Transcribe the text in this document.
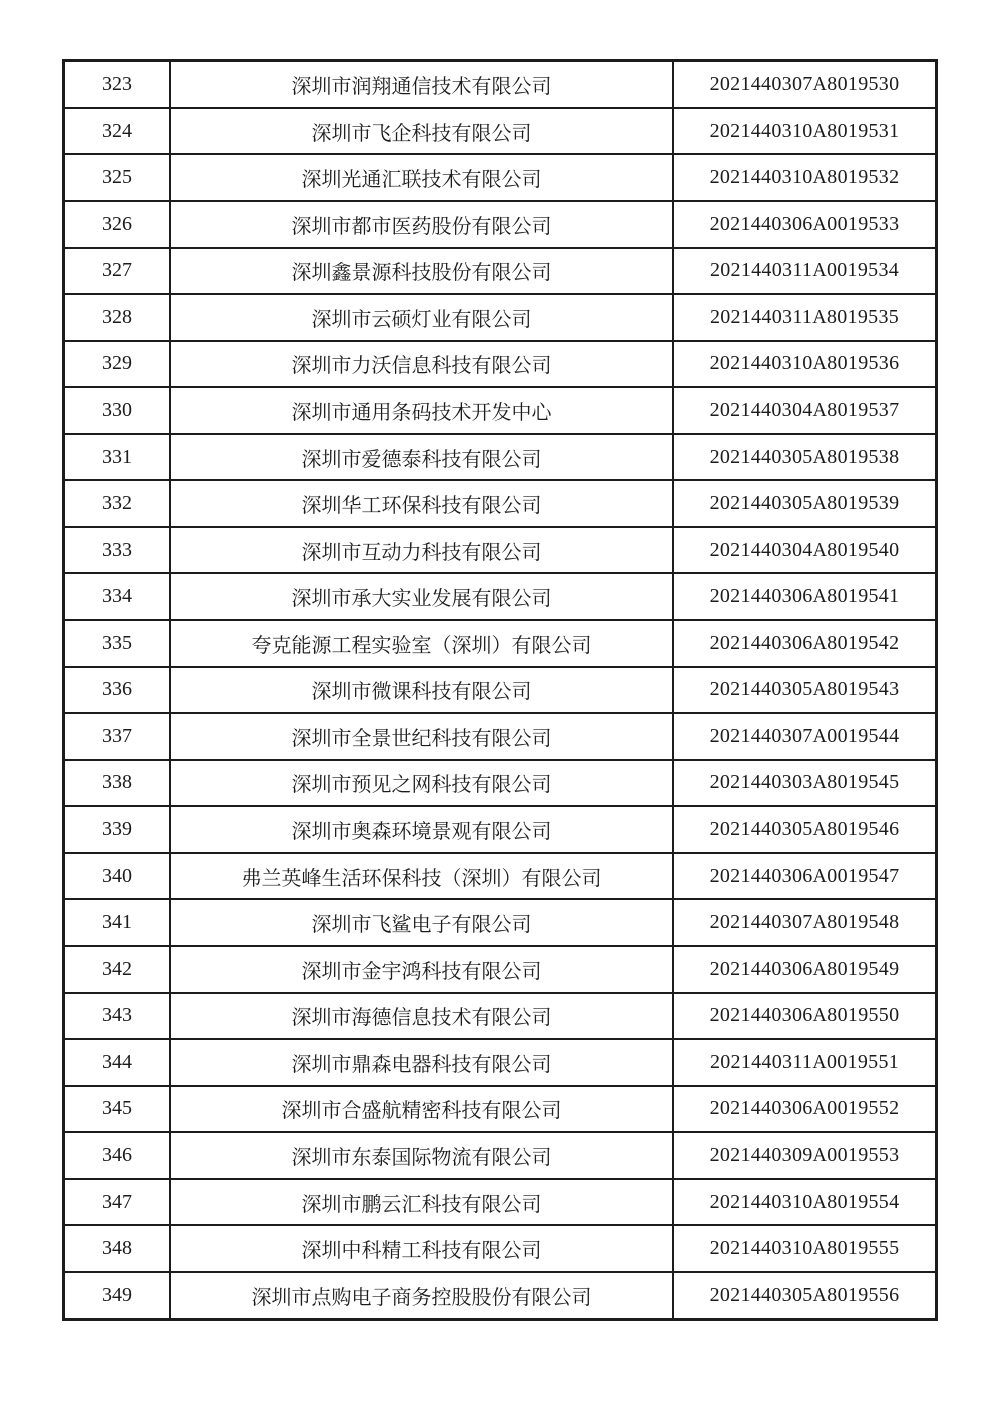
323	深圳市润翔通信技术有限公司	2021440307A8019530
324	深圳市飞企科技有限公司	2021440310A8019531
325	深圳光通汇联技术有限公司	2021440310A8019532
326	深圳市都市医药股份有限公司	2021440306A0019533
327	深圳鑫景源科技股份有限公司	2021440311A0019534
328	深圳市云硕灯业有限公司	2021440311A8019535
329	深圳市力沃信息科技有限公司	2021440310A8019536
330	深圳市通用条码技术开发中心	2021440304A8019537
331	深圳市爱德泰科技有限公司	2021440305A8019538
332	深圳华工环保科技有限公司	2021440305A8019539
333	深圳市互动力科技有限公司	2021440304A8019540
334	深圳市承大实业发展有限公司	2021440306A8019541
335	夸克能源工程实验室（深圳）有限公司	2021440306A8019542
336	深圳市微课科技有限公司	2021440305A8019543
337	深圳市全景世纪科技有限公司	2021440307A0019544
338	深圳市预见之网科技有限公司	2021440303A8019545
339	深圳市奥森环境景观有限公司	2021440305A8019546
340	弗兰英峰生活环保科技（深圳）有限公司	2021440306A0019547
341	深圳市飞鲨电子有限公司	2021440307A8019548
342	深圳市金宇鸿科技有限公司	2021440306A8019549
343	深圳市海德信息技术有限公司	2021440306A8019550
344	深圳市鼎森电器科技有限公司	2021440311A0019551
345	深圳市合盛航精密科技有限公司	2021440306A0019552
346	深圳市东泰国际物流有限公司	2021440309A0019553
347	深圳市鹏云汇科技有限公司	2021440310A8019554
348	深圳中科精工科技有限公司	2021440310A8019555
349	深圳市点购电子商务控股股份有限公司	2021440305A8019556
